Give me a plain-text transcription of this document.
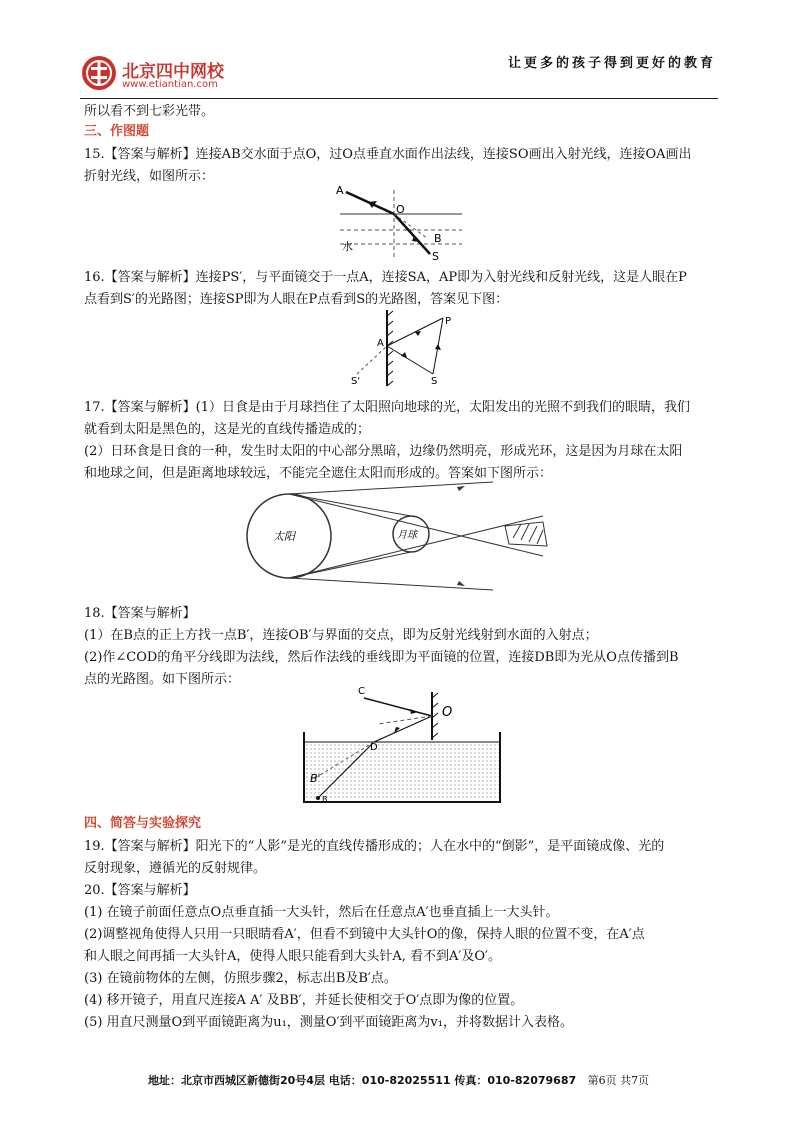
北京四中网校
www.etiantian.com
让更多的孩子得到更好的教育
所以看不到七彩光带。
三、作图题
15.【答案与解析】连接AB交水面于点O，过O点垂直水面作出法线，连接SO画出入射光线，连接OA画出
折射光线，如图所示：
A
O
B
S
水
16.【答案与解析】连接PS′，与平面镜交于一点A，连接SA，AP即为入射光线和反射光线，这是人眼在P
点看到S′的光路图；连接SP即为人眼在P点看到S的光路图，答案见下图：
P
A
S
S'
17.【答案与解析】(1）日食是由于月球挡住了太阳照向地球的光，太阳发出的光照不到我们的眼睛，我们
就看到太阳是黑色的，这是光的直线传播造成的；
(2）日环食是日食的一种，发生时太阳的中心部分黑暗，边缘仍然明亮，形成光环，这是因为月球在太阳
和地球之间，但是距离地球较远，不能完全遮住太阳而形成的。答案如下图所示：
太阳	月球
18.【答案与解析】
(1）在B点的正上方找一点B′，连接OB′与界面的交点，即为反射光线射到水面的入射点；
(2)作∠COD的角平分线即为法线，然后作法线的垂线即为平面镜的位置，连接DB即为光从O点传播到B
点的光路图。如下图所示：
C
O
D
B'
B
四、简答与实验探究
19.【答案与解析】阳光下的“人影”是光的直线传播形成的；人在水中的“倒影”，是平面镜成像、光的
反射现象，遵循光的反射规律。
20.【答案与解析】
(1) 在镜子前面任意点O点垂直插一大头针，然后在任意点A′也垂直插上一大头针。
(2)调整视角使得人只用一只眼睛看A′，但看不到镜中大头针O的像，保持人眼的位置不变，在A′点
和人眼之间再插一大头针A，使得人眼只能看到大头针A, 看不到A′及O′。
(3) 在镜前物体的左侧，仿照步骤2，标志出B及B′点。
(4) 移开镜子，用直尺连接A A′ 及BB′，并延长使相交于O′点即为像的位置。
(5) 用直尺测量O到平面镜距离为u₁，测量O′到平面镜距离为v₁，并将数据计入表格。
地址：北京市西城区新德街20号4层 电话：010-82025511 传真：010-82079687 第6页 共7页
